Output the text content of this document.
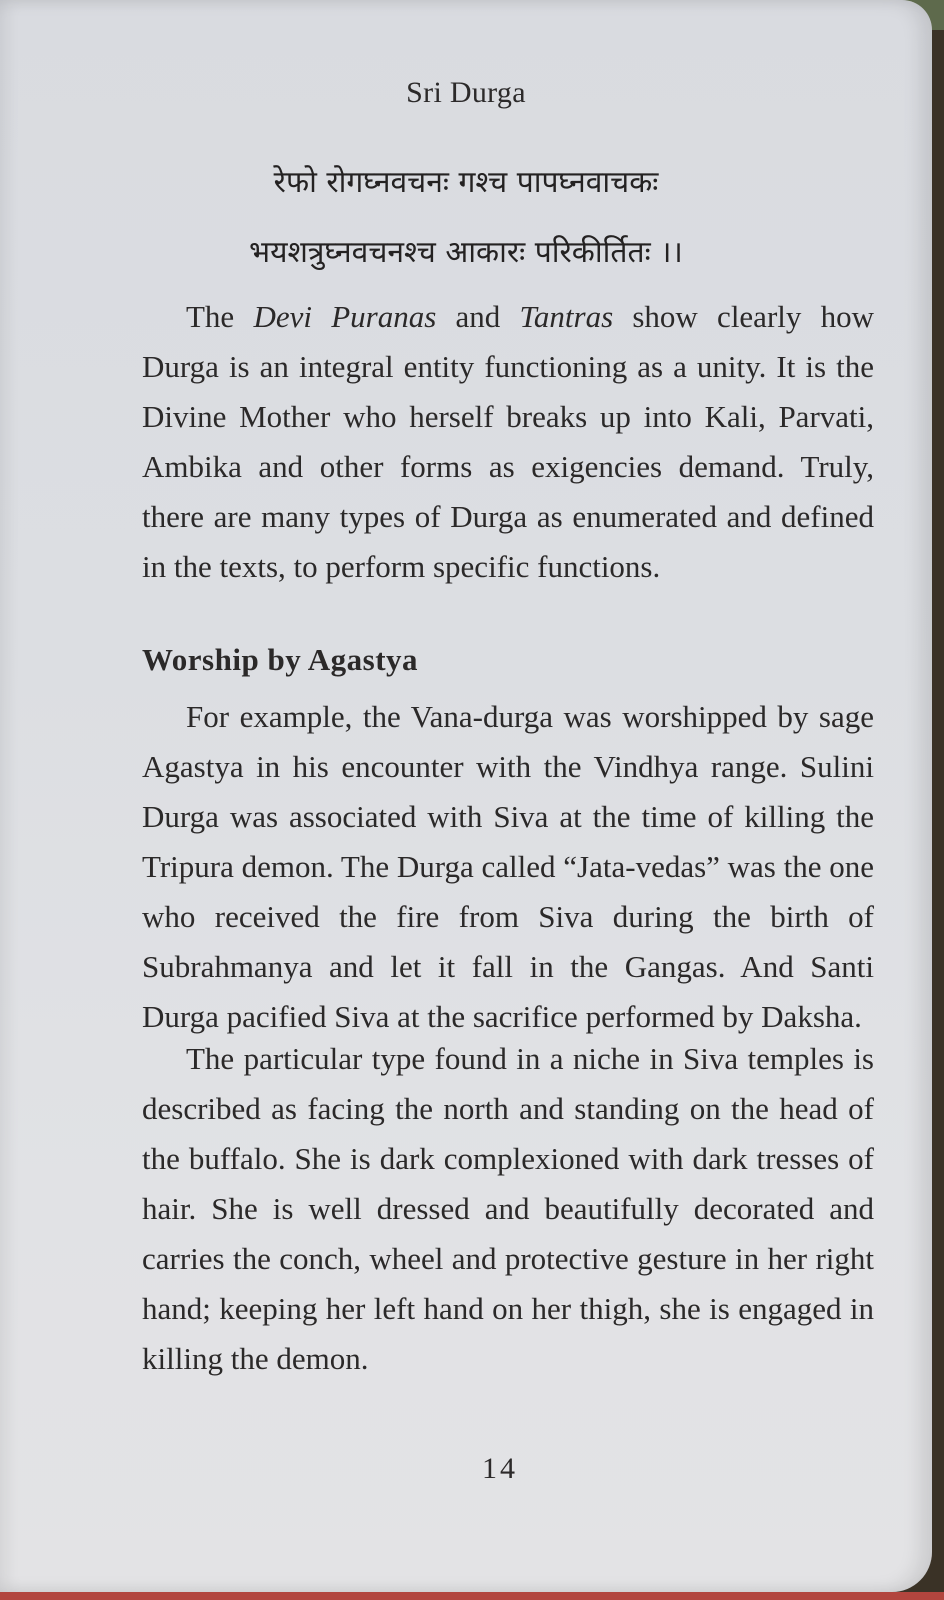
Sri Durga
रेफो रोगघ्नवचनः गश्च पापघ्नवाचकः
भयशत्रुघ्नवचनश्च आकारः परिकीर्तितः ।।

The Devi Puranas and Tantras show clearly how Durga is an integral entity functioning as a unity. It is the Divine Mother who herself breaks up into Kali, Parvati, Ambika and other forms as exigencies demand. Truly, there are many types of Durga as enumerated and defined in the texts, to perform specific functions.

Worship by Agastya

For example, the Vana-durga was worshipped by sage Agastya in his encounter with the Vindhya range. Sulini Durga was associated with Siva at the time of killing the Tripura demon. The Durga called “Jata-vedas” was the one who received the fire from Siva during the birth of Subrahmanya and let it fall in the Gangas. And Santi Durga pacified Siva at the sacrifice performed by Daksha.

The particular type found in a niche in Siva temples is described as facing the north and standing on the head of the buffalo. She is dark complexioned with dark tresses of hair. She is well dressed and beautifully decorated and carries the conch, wheel and protective gesture in her right hand; keeping her left hand on her thigh, she is engaged in killing the demon.

14
